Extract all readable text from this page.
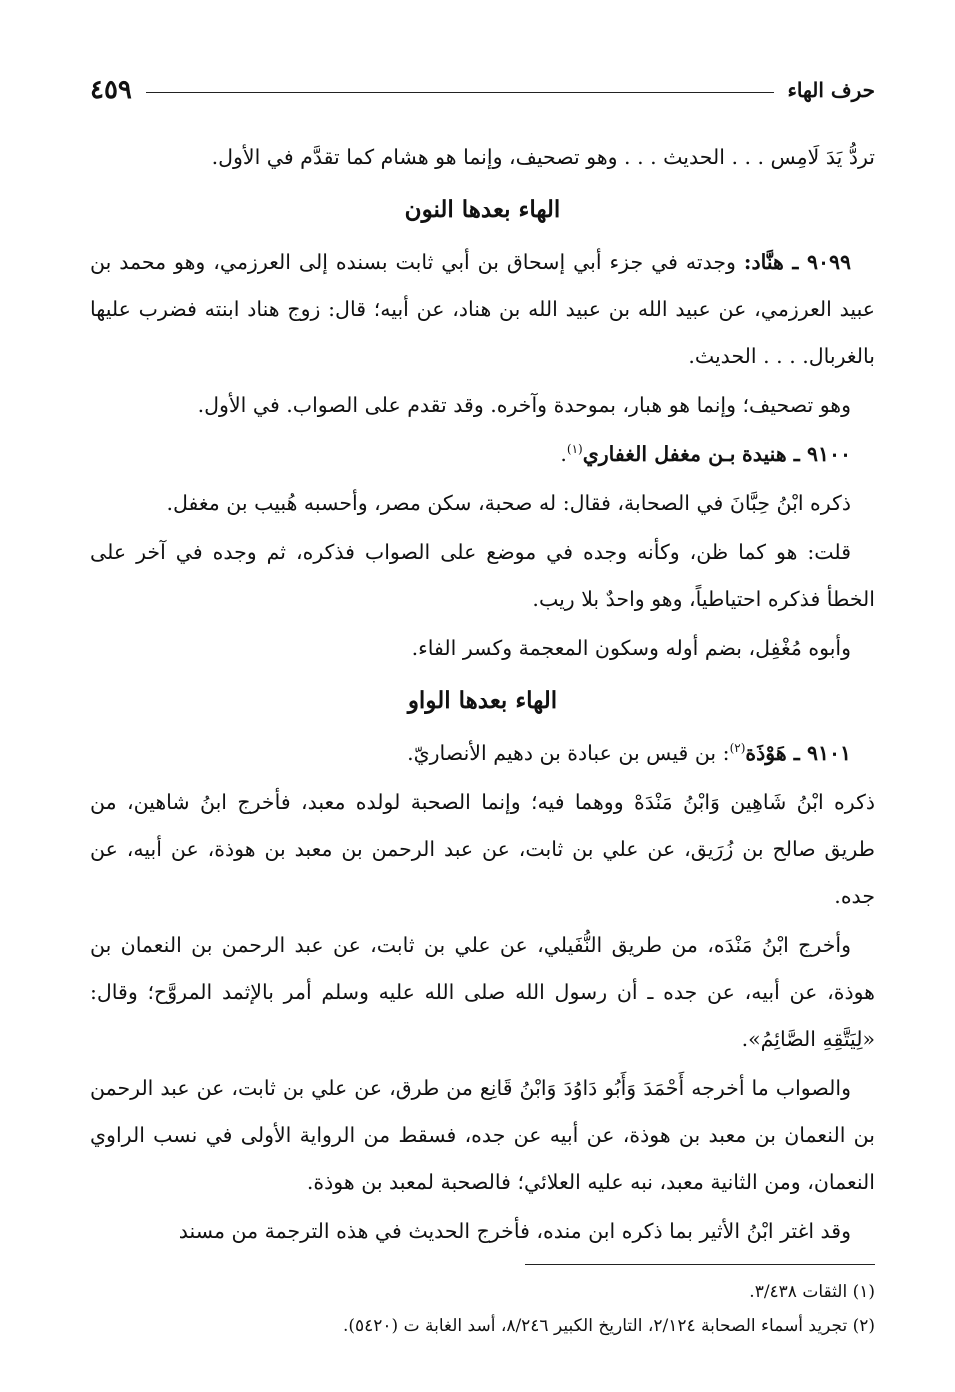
حرف الهاء
٤٥٩

تردُّ يَدَ لَامِس . . . الحديث . . . وهو تصحيف، وإنما هو هشام كما تقدَّم في الأول.

الهاء بعدها النون

٩٠٩٩ ـ هنَّاد: وجدته في جزء أبي إسحاق بن أبي ثابت بسنده إلى العرزمي، وهو محمد بن عبيد العرزمي، عن عبيد الله بن عبيد الله بن هناد، عن أبيه؛ قال: زوج هناد ابنته فضرب عليها بالغربال. . . . الحديث.

وهو تصحيف؛ وإنما هو هبار، بموحدة وآخره. وقد تقدم على الصواب. في الأول.

٩١٠٠ ـ هنيدة بـن مغفل الغفاري$^{(١)}$.

ذكره ابْنُ حِبَّانَ في الصحابة، فقال: له صحبة، سكن مصر، وأحسبه هُبيب بن مغفل.

قلت: هو كما ظن، وكأنه وجده في موضع على الصواب فذكره، ثم وجده في آخر على الخطأ فذكره احتياطياً، وهو واحدٌ بلا ريب.

وأبوه مُغْفِل، بضم أوله وسكون المعجمة وكسر الفاء.

الهاء بعدها الواو

٩١٠١ ـ هَوْذَة$^{(٢)}$: بن قيس بن عبادة بن دهيم الأنصاريّ.

ذكره ابْنُ شَاهِين وَابْنُ مَنْدَهْ ووهما فيه؛ وإنما الصحبة لولده معبد، فأخرج ابنُ شاهين، من طريق صالح بن زُرَيق، عن علي بن ثابت، عن عبد الرحمن بن معبد بن هوذة، عن أبيه، عن جده.

وأخرج ابْنُ مَنْدَه، من طريق النُّفَيلي، عن علي بن ثابت، عن عبد الرحمن بن النعمان بن هوذة، عن أبيه، عن جده ـ أن رسول الله صلى الله عليه وسلم أمر بالإثمد المروَّح؛ وقال: «لِيَتَّقِهِ الصَّائِمُ».

والصواب ما أخرجه أَحْمَدَ وَأَبُو دَاوُدَ وَابْنُ قَانِع من طرق، عن علي بن ثابت، عن عبد الرحمن بن النعمان بن معبد بن هوذة، عن أبيه عن جده، فسقط من الرواية الأولى في نسب الراوي النعمان، ومن الثانية معبد، نبه عليه العلائي؛ فالصحبة لمعبد بن هوذة.

وقد اغتر ابْنُ الأثير بما ذكره ابن منده، فأخرج الحديث في هذه الترجمة من مسند

(١) الثقات ٣/٤٣٨.

(٢) تجريد أسماء الصحابة ٢/١٢٤، التاريخ الكبير ٨/٢٤٦، أسد الغابة ت (٥٤٢٠).
